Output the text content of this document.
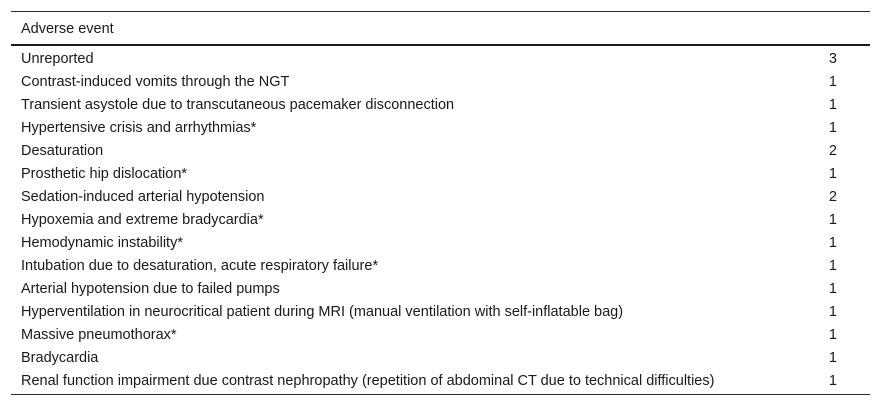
Adverse event	
Unreported	3
Contrast-induced vomits through the NGT	1
Transient asystole due to transcutaneous pacemaker disconnection	1
Hypertensive crisis and arrhythmias*	1
Desaturation	2
Prosthetic hip dislocation*	1
Sedation-induced arterial hypotension	2
Hypoxemia and extreme bradycardia*	1
Hemodynamic instability*	1
Intubation due to desaturation, acute respiratory failure*	1
Arterial hypotension due to failed pumps	1
Hyperventilation in neurocritical patient during MRI (manual ventilation with self-inflatable bag)	1
Massive pneumothorax*	1
Bradycardia	1
Renal function impairment due contrast nephropathy (repetition of abdominal CT due to technical difficulties)	1
